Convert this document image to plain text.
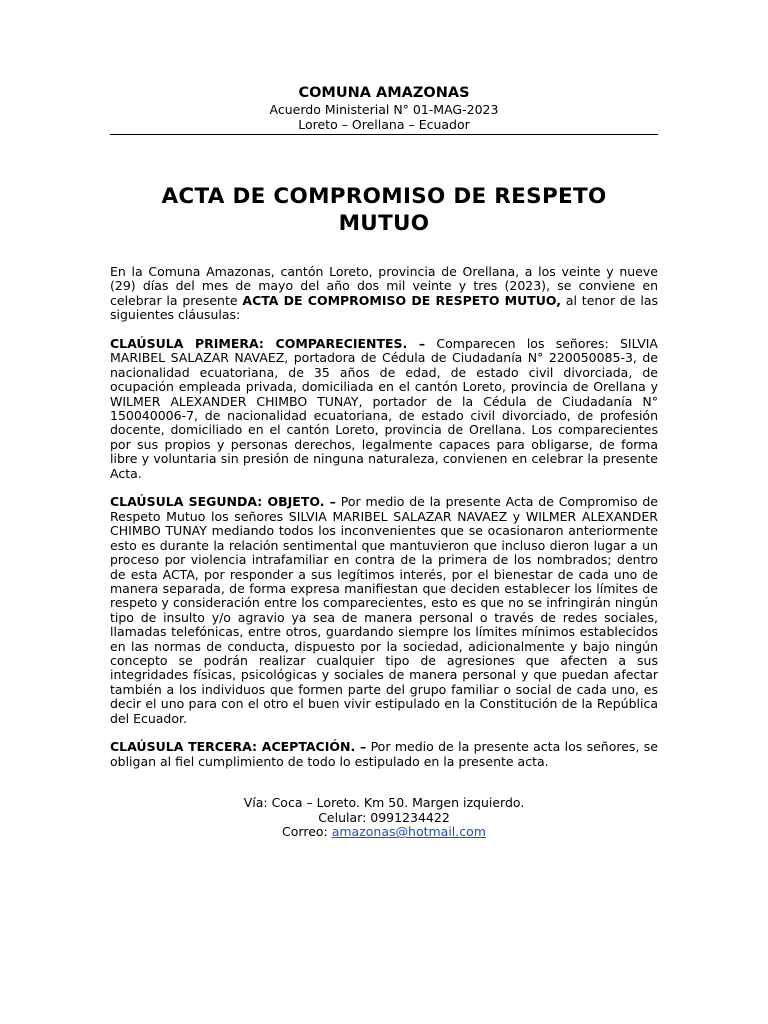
COMUNA AMAZONAS

Acuerdo Ministerial N° 01-MAG-2023

Loreto – Orellana – Ecuador

ACTA DE COMPROMISO DE RESPETO MUTUO

En la Comuna Amazonas, cantón Loreto, provincia de Orellana, a los veinte y nueve (29) días del mes de mayo del año dos mil veinte y tres (2023), se conviene en celebrar la presente ACTA DE COMPROMISO DE RESPETO MUTUO, al tenor de las siguientes cláusulas:

CLAÚSULA PRIMERA: COMPARECIENTES. – Comparecen los señores: SILVIA MARIBEL SALAZAR NAVAEZ, portadora de Cédula de Ciudadanía N° 220050085-3, de nacionalidad ecuatoriana, de 35 años de edad, de estado civil divorciada, de ocupación empleada privada, domiciliada en el cantón Loreto, provincia de Orellana y WILMER ALEXANDER CHIMBO TUNAY, portador de la Cédula de Ciudadanía N° 150040006-7, de nacionalidad ecuatoriana, de estado civil divorciado, de profesión docente, domiciliado en el cantón Loreto, provincia de Orellana. Los comparecientes por sus propios y personas derechos, legalmente capaces para obligarse, de forma libre y voluntaria sin presión de ninguna naturaleza, convienen en celebrar la presente Acta.

CLAÚSULA SEGUNDA: OBJETO. – Por medio de la presente Acta de Compromiso de Respeto Mutuo los señores SILVIA MARIBEL SALAZAR NAVAEZ y WILMER ALEXANDER CHIMBO TUNAY mediando todos los inconvenientes que se ocasionaron anteriormente esto es durante la relación sentimental que mantuvieron que incluso dieron lugar a un proceso por violencia intrafamiliar en contra de la primera de los nombrados; dentro de esta ACTA, por responder a sus legítimos interés, por el bienestar de cada uno de manera separada, de forma expresa manifiestan que deciden establecer los límites de respeto y consideración entre los comparecientes, esto es que no se infringirán ningún tipo de insulto y/o agravio ya sea de manera personal o través de redes sociales, llamadas telefónicas, entre otros, guardando siempre los límites mínimos establecidos en las normas de conducta, dispuesto por la sociedad, adicionalmente y bajo ningún concepto se podrán realizar cualquier tipo de agresiones que afecten a sus integridades físicas, psicológicas y sociales de manera personal y que puedan afectar también a los individuos que formen parte del grupo familiar o social de cada uno, es decir el uno para con el otro el buen vivir estipulado en la Constitución de la República del Ecuador.

CLAÚSULA TERCERA: ACEPTACIÓN. – Por medio de la presente acta los señores, se obligan al fiel cumplimiento de todo lo estipulado en la presente acta.

Vía: Coca – Loreto. Km 50. Margen izquierdo.

Celular: 0991234422

Correo: amazonas@hotmail.com
